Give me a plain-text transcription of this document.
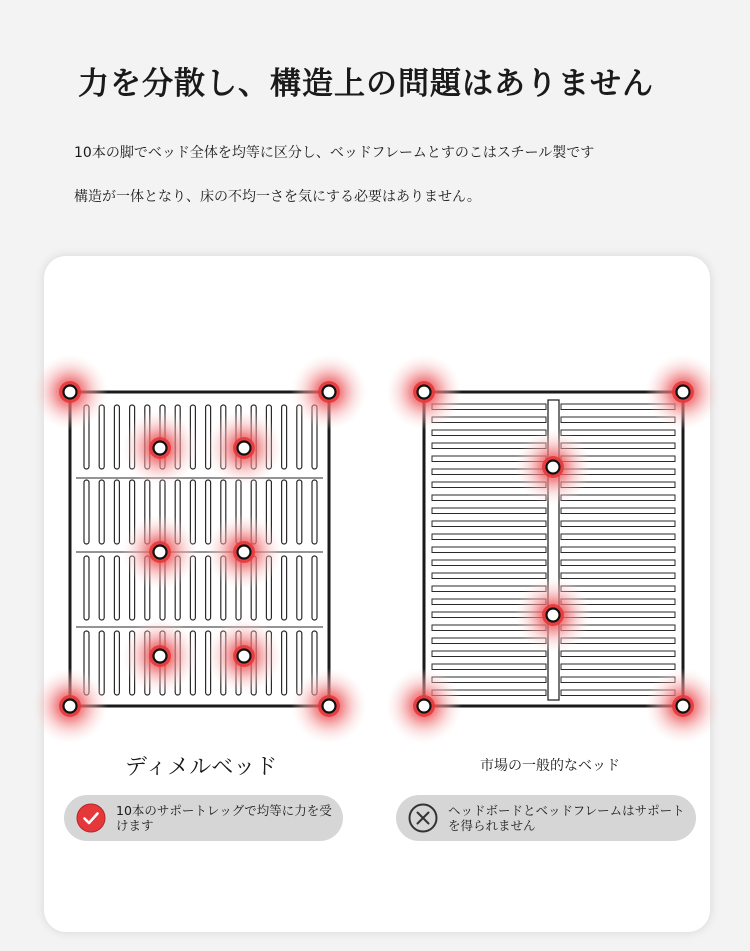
力を分散し、構造上の問題はありません
10本の脚でベッド全体を均等に区分し、ベッドフレームとすのこはスチール製です
構造が一体となり、床の不均一さを気にする必要はありません。
ディメルベッド	市場の一般的なベッド
10本のサポートレッグで均等に力を受けます
ヘッドボードとベッドフレームはサポートを得られません
